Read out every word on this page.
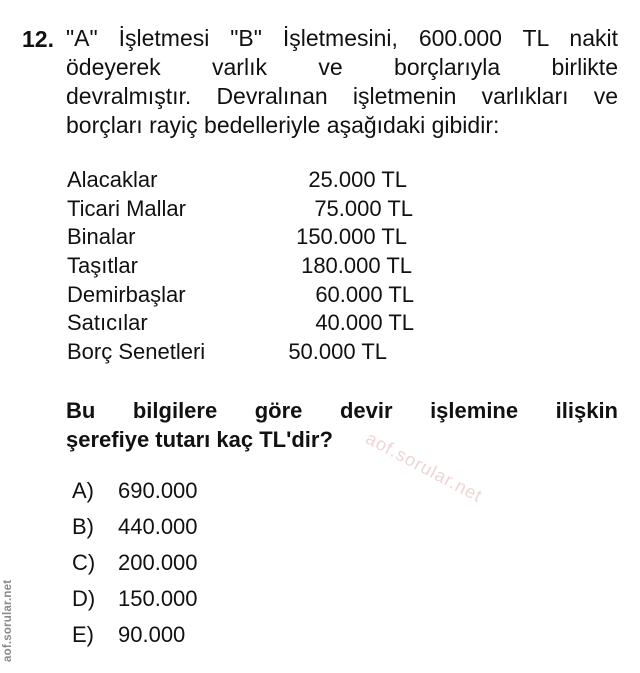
12. "A" İşletmesi "B" İşletmesini, 600.000 TL nakit
ödeyerek varlık ve borçlarıyla birlikte
devralmıştır. Devralınan işletmenin varlıkları ve
borçları rayiç bedelleriyle aşağıdaki gibidir:
Alacaklar	25.000 TL
Ticari Mallar	75.000 TL
Binalar	150.000 TL
Taşıtlar	180.000 TL
Demirbaşlar	60.000 TL
Satıcılar	40.000 TL
Borç Senetleri	50.000 TL
Bu bilgilere göre devir işlemine ilişkin
şerefiye tutarı kaç TL'dir?
A)	690.000
B)	440.000
C)	200.000
D)	150.000
E)	90.000
aof.sorular.net
aof.sorular.net
